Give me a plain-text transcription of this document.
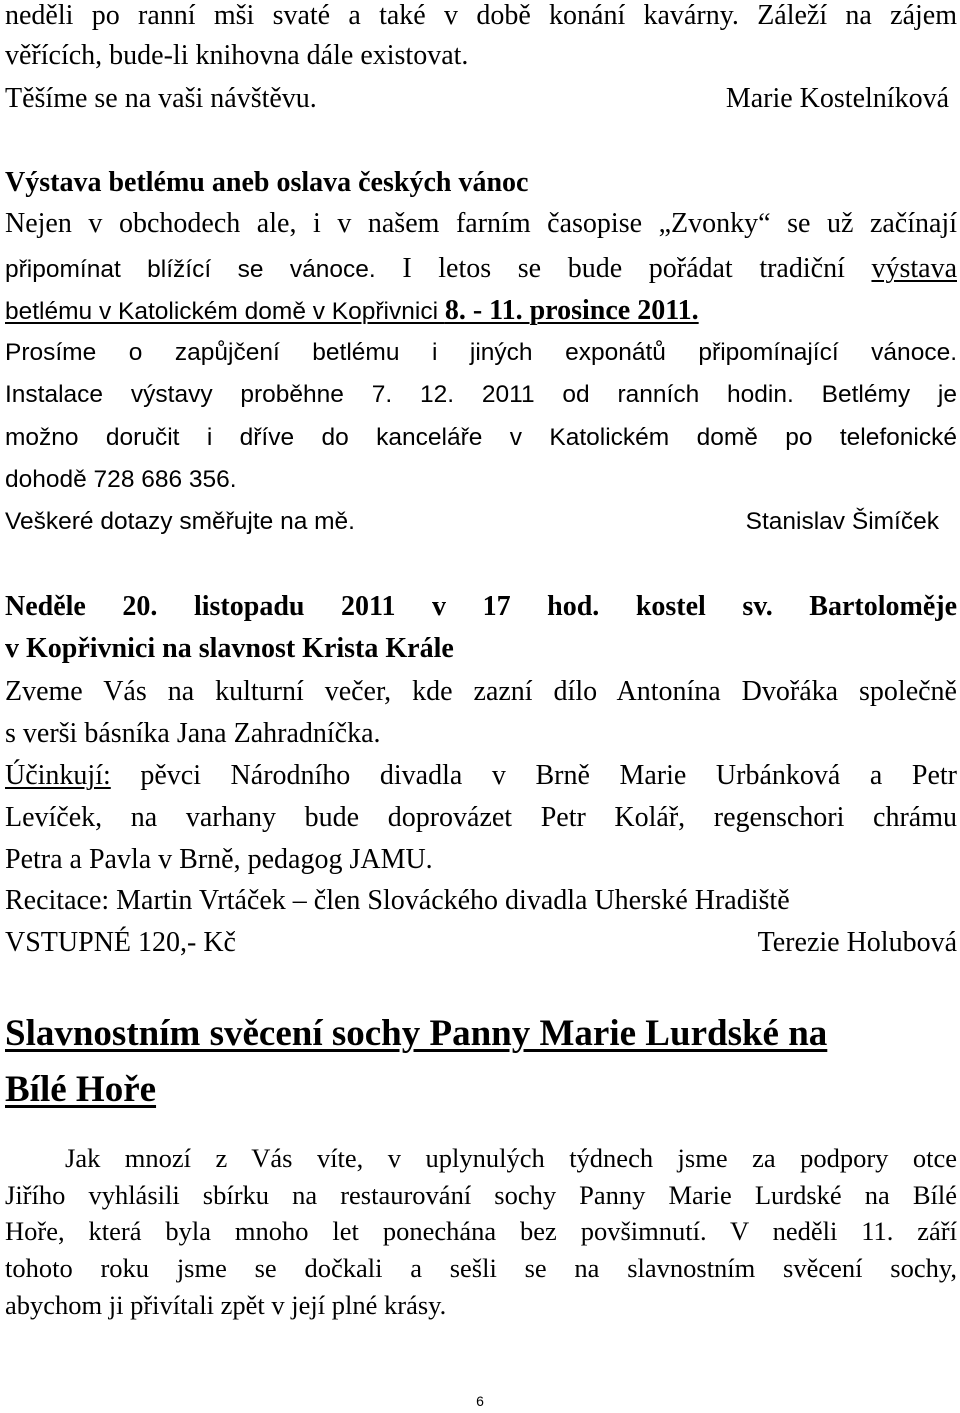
neděli po ranní mši svaté a také v době konání kavárny. Záleží na zájem
věřících, bude-li knihovna dále existovat.
Těšíme se na vaši návštěvu.	Marie Kostelníková
Výstava betlému aneb oslava českých vánoc
Nejen v obchodech ale, i v našem farním časopise „Zvonky“ se už začínají
připomínat blížící se vánoce. I letos se bude pořádat tradiční výstava
betlému v Katolickém domě v Kopřivnici 8. - 11. prosince 2011.
Prosíme o zapůjčení betlému i jiných exponátů připomínající vánoce.
Instalace výstavy proběhne 7. 12. 2011 od ranních hodin. Betlémy je
možno doručit i dříve do kanceláře v Katolickém domě po telefonické
dohodě 728 686 356.
Veškeré dotazy směřujte na mě.	Stanislav Šimíček
Neděle 20. listopadu 2011 v 17 hod. kostel sv. Bartoloměje
v Kopřivnici na slavnost Krista Krále
Zveme Vás na kulturní večer, kde zazní dílo Antonína Dvořáka společně
s verši básníka Jana Zahradníčka.
Účinkují: pěvci Národního divadla v Brně Marie Urbánková a Petr
Levíček, na varhany bude doprovázet Petr Kolář, regenschori chrámu
Petra a Pavla v Brně, pedagog JAMU.
Recitace: Martin Vrtáček – člen Slováckého divadla Uherské Hradiště
VSTUPNÉ 120,- Kč	Terezie Holubová
Slavnostním svěcení sochy Panny Marie Lurdské na
Bílé Hoře
Jak mnozí z Vás víte, v uplynulých týdnech jsme za podpory otce
Jiřího vyhlásili sbírku na restaurování sochy Panny Marie Lurdské na Bílé
Hoře, která byla mnoho let ponechána bez povšimnutí. V neděli 11. září
tohoto roku jsme se dočkali a sešli se na slavnostním svěcení sochy,
abychom ji přivítali zpět v její plné krásy.
6
